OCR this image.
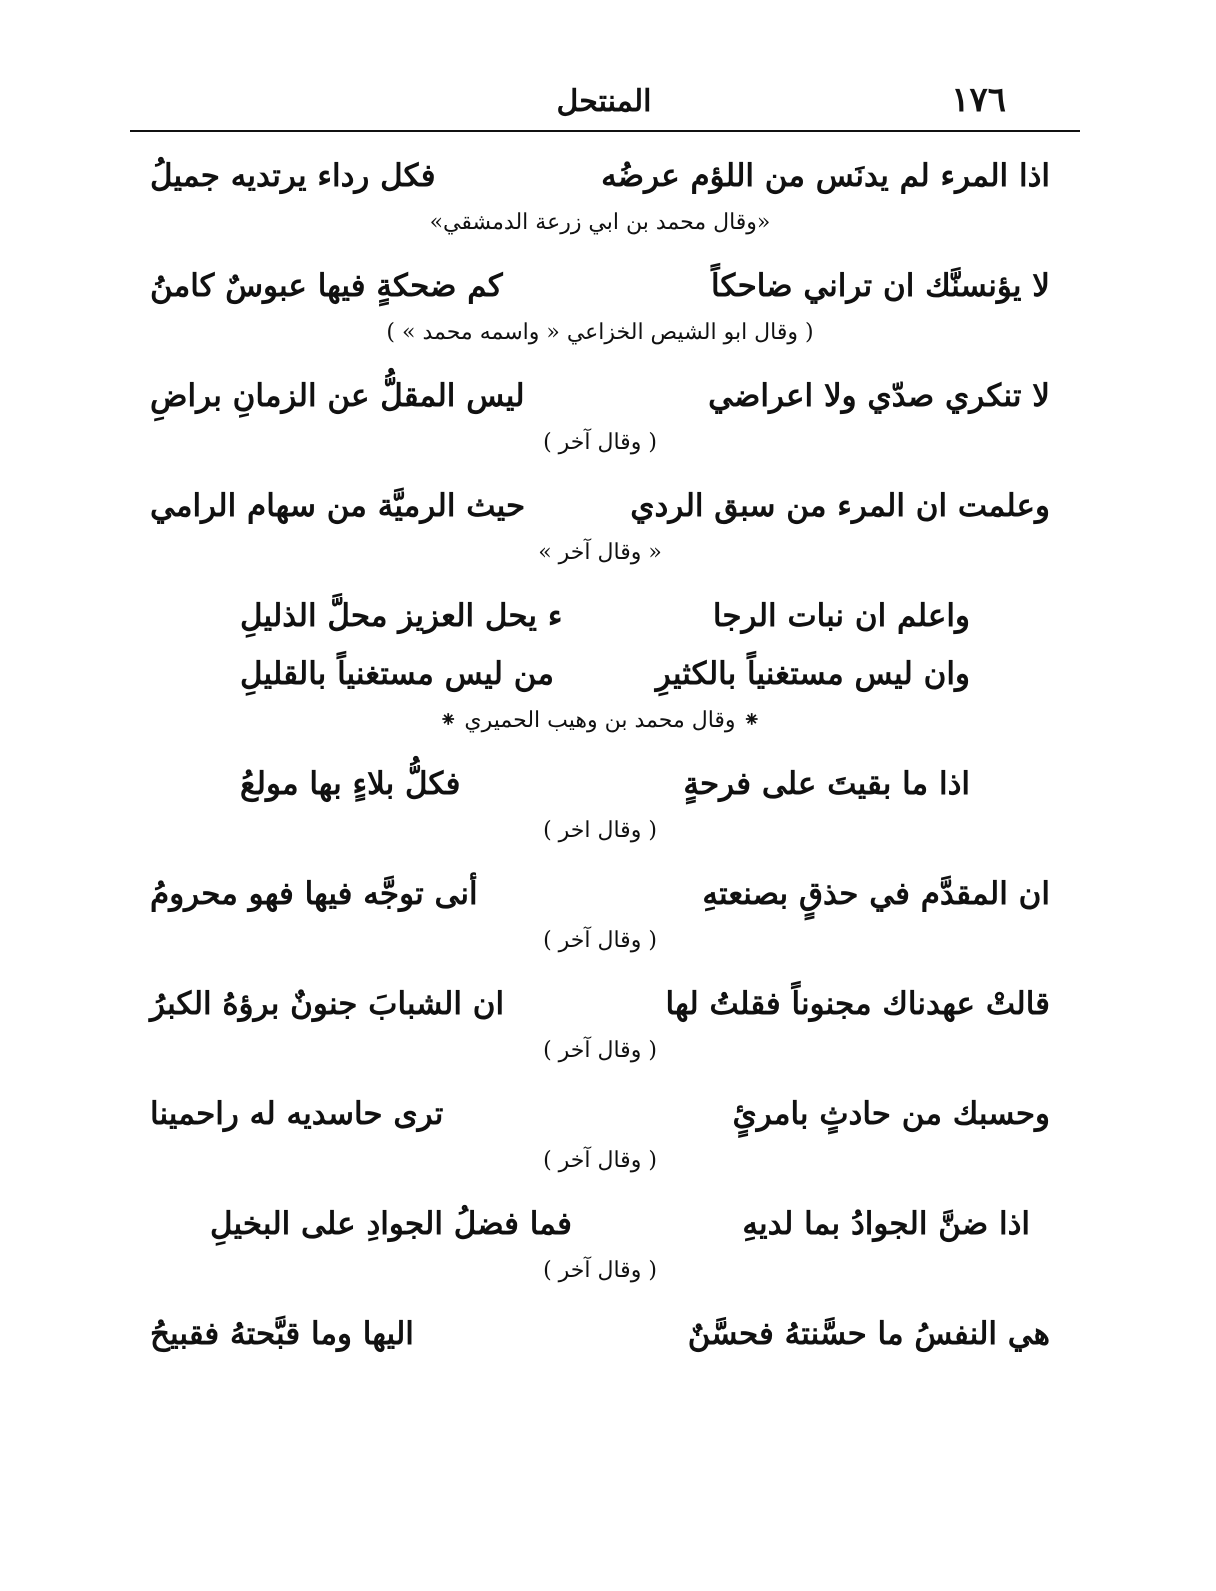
١٧٦
المنتحل
اذا المرء لم يدنَس من اللؤم عرضُه
فكل رداء يرتديه جميلُ
«وقال محمد بن ابي زرعة الدمشقي»
لا يؤنسنَّك ان تراني ضاحكاً
كم ضحكةٍ فيها عبوسٌ كامنُ
( وقال ابو الشيص الخزاعي « واسمه محمد » )
لا تنكري صدّي ولا اعراضي
ليس المقلُّ عن الزمانِ براضِ
( وقال آخر )
وعلمت ان المرء من سبق الردي
حيث الرميَّة من سهام الرامي
« وقال آخر »
واعلم ان نبات الرجا
ء يحل العزيز محلَّ الذليلِ
وان ليس مستغنياً بالكثيرِ
من ليس مستغنياً بالقليلِ
⁕ وقال محمد بن وهيب الحميري ⁕
اذا ما بقيتَ على فرحةٍ
فكلُّ بلاءٍ بها مولعُ
( وقال اخر )
ان المقدَّم في حذقٍ بصنعتهِ
أنى توجَّه فيها فهو محرومُ
( وقال آخر )
قالتْ عهدناك مجنوناً فقلتُ لها
ان الشبابَ جنونٌ برؤهُ الكبرُ
( وقال آخر )
وحسبك من حادثٍ بامرئٍ
ترى حاسديه له راحمينا
( وقال آخر )
اذا ضنَّ الجوادُ بما لديهِ
فما فضلُ الجوادِ على البخيلِ
( وقال آخر )
هي النفسُ ما حسَّنتهُ فحسَّنٌ
اليها وما قبَّحتهُ فقبيحُ
